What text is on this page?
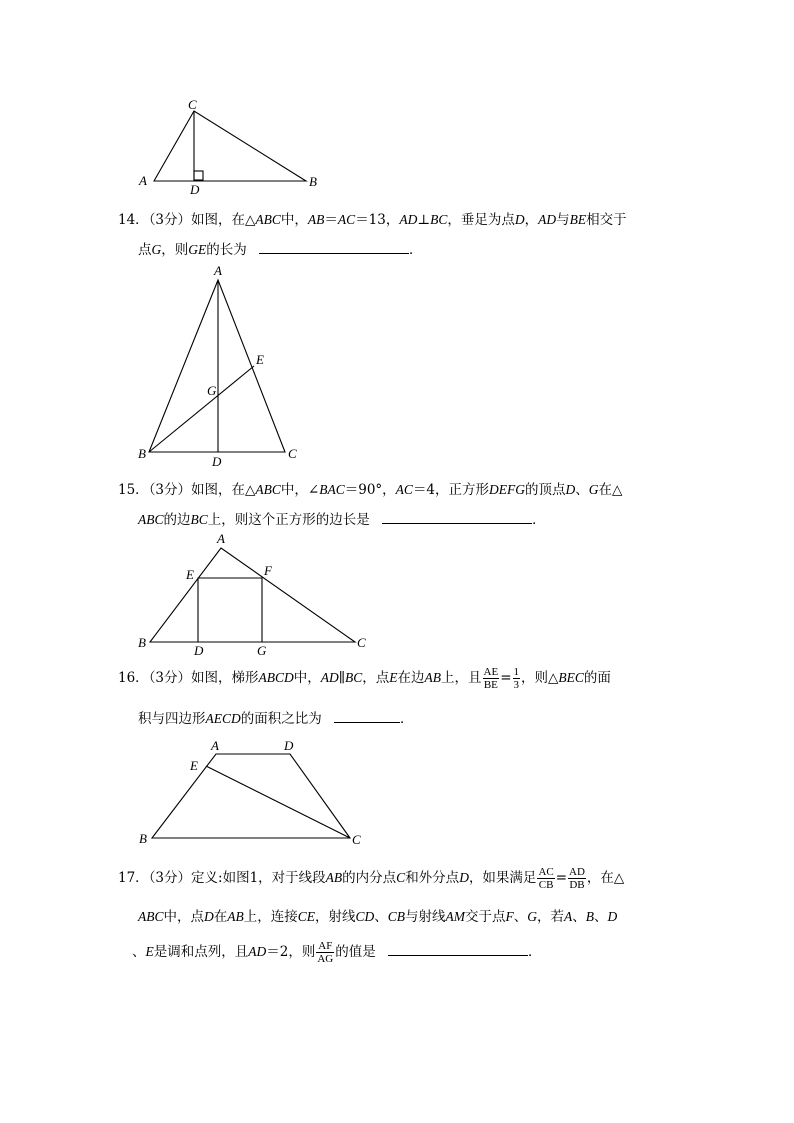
A
C
B
D
14．（3分）如图，在△ABC中，AB＝AC＝13，AD⊥BC，垂足为点D，AD与BE相交于
点G，则GE的长为	．
A
E
G
B
D
C
15．（3分）如图，在△ABC中，∠BAC＝90°，AC＝4，正方形DEFG的顶点D、G在△
ABC的边BC上，则这个正方形的边长是	．
A
E	F
B
D	G
C
16．（3分）如图，梯形ABCD中，AD∥BC，点E在边AB上，且 $\frac{AE}{BE} = \frac{1}{3}$ ，则△BEC的面
积与四边形AECD的面积之比为	．
A	D
E
B	C
17．（3分）定义:如图1，对于线段AB的内分点C和外分点D，如果满足 $\frac{AC}{CB} = \frac{AD}{DB}$ ，在△
ABC中，点D在AB上，连接CE，射线CD、CB与射线AM交于点F、G，若A、B、D
、E是调和点列，且AD＝2，则 $\frac{AF}{AG}$ 的值是	．
